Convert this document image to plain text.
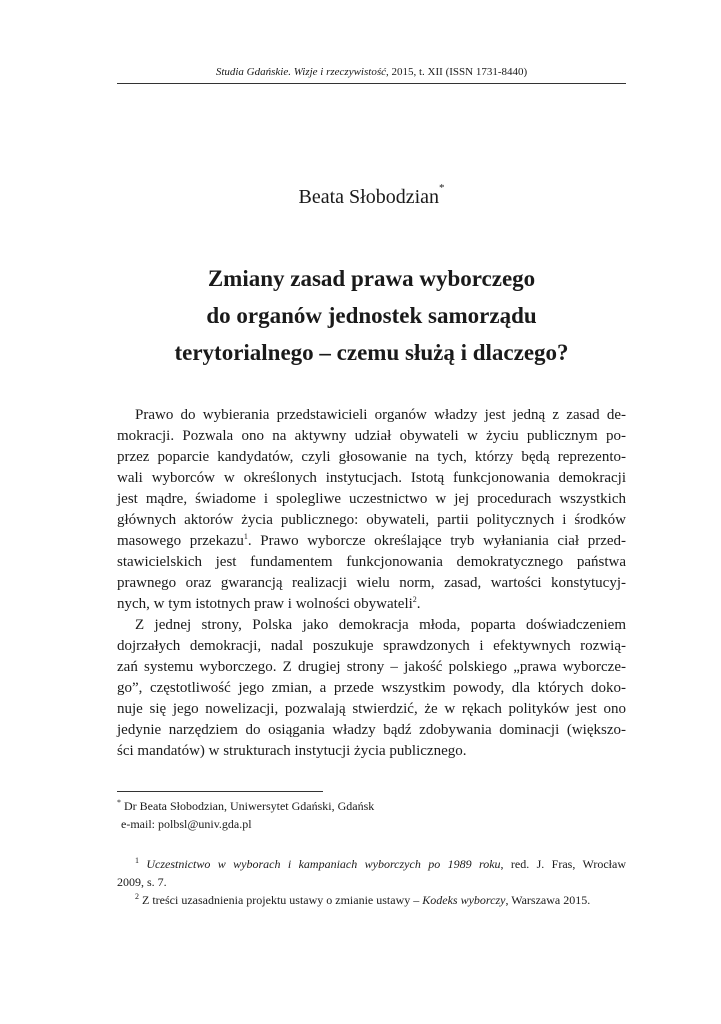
Studia Gdańskie. Wizje i rzeczywistość, 2015, t. XII (ISSN 1731-8440)
Beata Słobodzian*
Zmiany zasad prawa wyborczego
do organów jednostek samorządu
terytorialnego – czemu służą i dlaczego?
Prawo do wybierania przedstawicieli organów władzy jest jedną z zasad de-
mokracji. Pozwala ono na aktywny udział obywateli w życiu publicznym po-
przez poparcie kandydatów, czyli głosowanie na tych, którzy będą reprezento-
wali wyborców w określonych instytucjach. Istotą funkcjonowania demokracji
jest mądre, świadome i spolegliwe uczestnictwo w jej procedurach wszystkich
głównych aktorów życia publicznego: obywateli, partii politycznych i środków
masowego przekazu$^1$. Prawo wyborcze określające tryb wyłaniania ciał przed-
stawicielskich jest fundamentem funkcjonowania demokratycznego państwa
prawnego oraz gwarancją realizacji wielu norm, zasad, wartości konstytucyj-
nych, w tym istotnych praw i wolności obywateli$^2$.
Z jednej strony, Polska jako demokracja młoda, poparta doświadczeniem
dojrzałych demokracji, nadal poszukuje sprawdzonych i efektywnych rozwią-
zań systemu wyborczego. Z drugiej strony – jakość polskiego „prawa wyborcze-
go”, częstotliwość jego zmian, a przede wszystkim powody, dla których doko-
nuje się jego nowelizacji, pozwalają stwierdzić, że w rękach polityków jest ono
jedynie narzędziem do osiągania władzy bądź zdobywania dominacji (większo-
ści mandatów) w strukturach instytucji życia publicznego.
* Dr Beata Słobodzian, Uniwersytet Gdański, Gdańsk
e-mail: polbsl@univ.gda.pl
$^1$ Uczestnictwo w wyborach i kampaniach wyborczych po 1989 roku, red. J. Fras, Wrocław
2009, s. 7.
$^2$ Z treści uzasadnienia projektu ustawy o zmianie ustawy – Kodeks wyborczy, Warszawa 2015.
